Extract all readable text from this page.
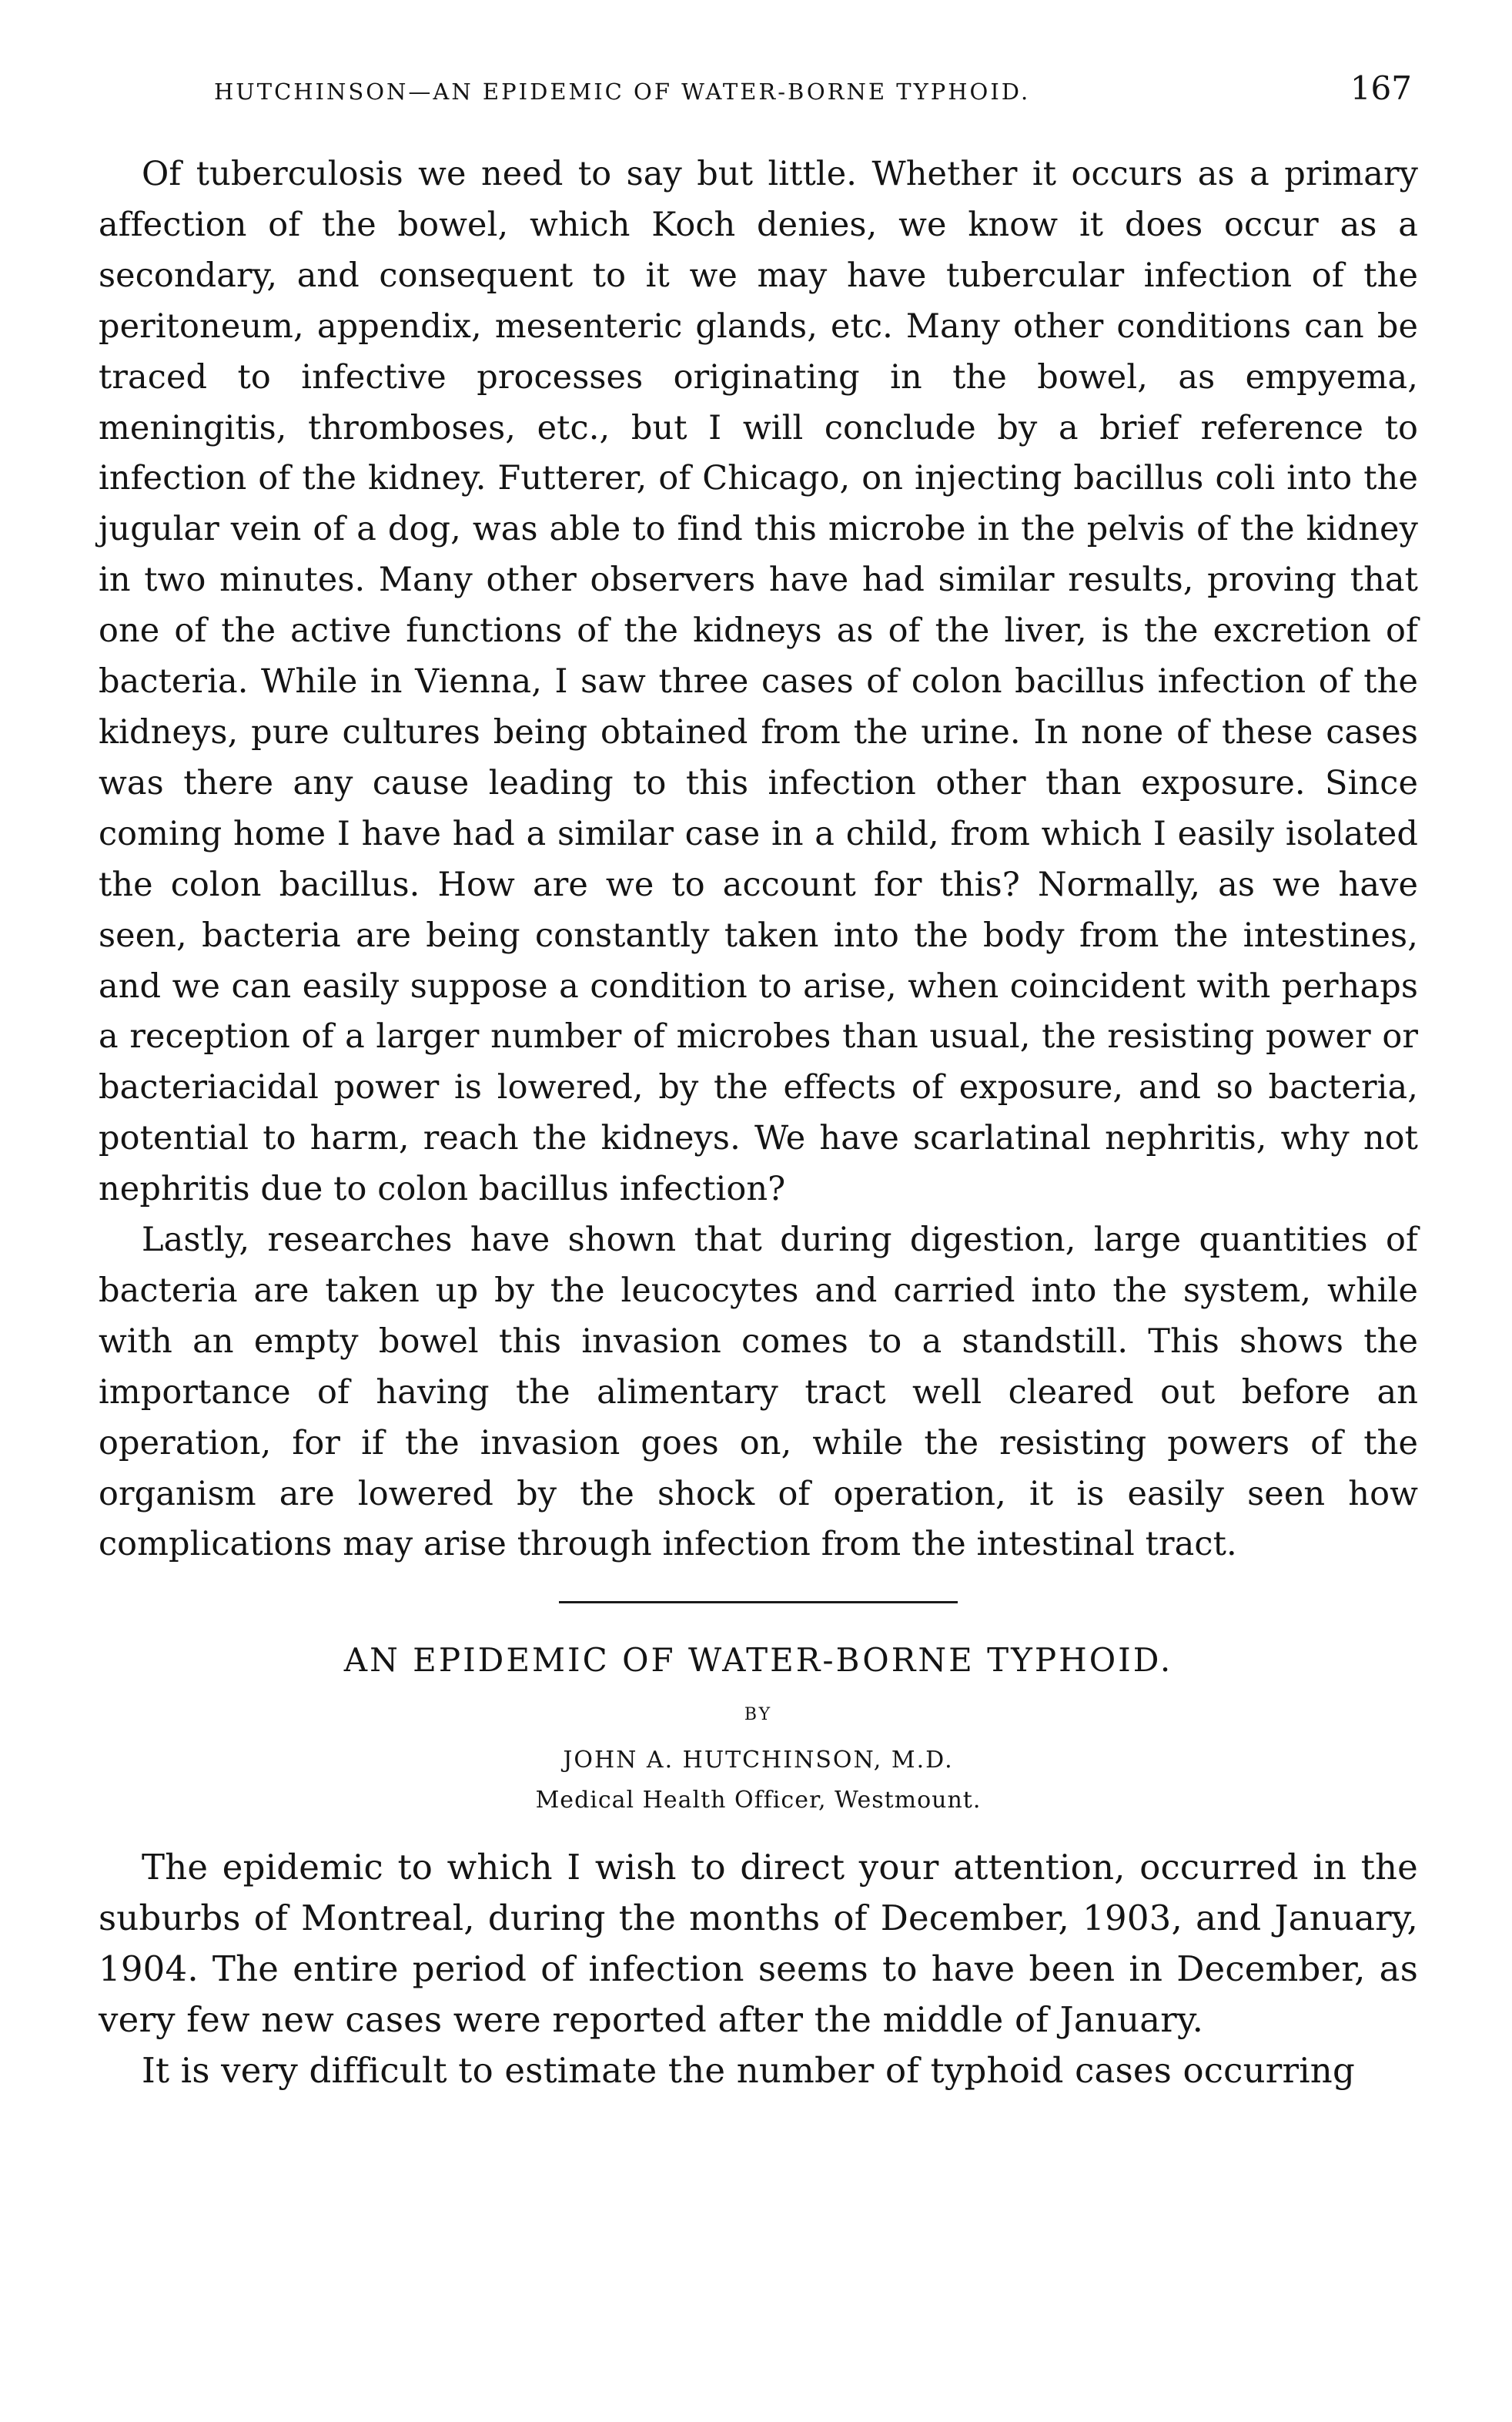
HUTCHINSON—AN EPIDEMIC OF WATER-BORNE TYPHOID.	167

Of tuberculosis we need to say but little. Whether it occurs as a primary affection of the bowel, which Koch denies, we know it does occur as a secondary, and consequent to it we may have tubercular infection of the peritoneum, appendix, mesenteric glands, etc. Many other conditions can be traced to infective processes originating in the bowel, as empyema, meningitis, thromboses, etc., but I will conclude by a brief reference to infection of the kidney. Futterer, of Chicago, on injecting bacillus coli into the jugular vein of a dog, was able to find this microbe in the pelvis of the kidney in two minutes. Many other observers have had similar results, proving that one of the active functions of the kidneys as of the liver, is the excretion of bacteria. While in Vienna, I saw three cases of colon bacillus infection of the kidneys, pure cultures being obtained from the urine. In none of these cases was there any cause leading to this infection other than exposure. Since coming home I have had a similar case in a child, from which I easily isolated the colon bacillus. How are we to account for this? Normally, as we have seen, bacteria are being constantly taken into the body from the intestines, and we can easily suppose a condition to arise, when coincident with perhaps a reception of a larger number of microbes than usual, the resisting power or bacteriacidal power is lowered, by the effects of exposure, and so bacteria, potential to harm, reach the kidneys. We have scarlatinal nephritis, why not nephritis due to colon bacillus infection?

Lastly, researches have shown that during digestion, large quantities of bacteria are taken up by the leucocytes and carried into the system, while with an empty bowel this invasion comes to a standstill. This shows the importance of having the alimentary tract well cleared out before an operation, for if the invasion goes on, while the resisting powers of the organism are lowered by the shock of operation, it is easily seen how complications may arise through infection from the intestinal tract.

AN EPIDEMIC OF WATER-BORNE TYPHOID.
BY
JOHN A. HUTCHINSON, M.D.
Medical Health Officer, Westmount.

The epidemic to which I wish to direct your attention, occurred in the suburbs of Montreal, during the months of December, 1903, and January, 1904. The entire period of infection seems to have been in December, as very few new cases were reported after the middle of January.

It is very difficult to estimate the number of typhoid cases occurring
